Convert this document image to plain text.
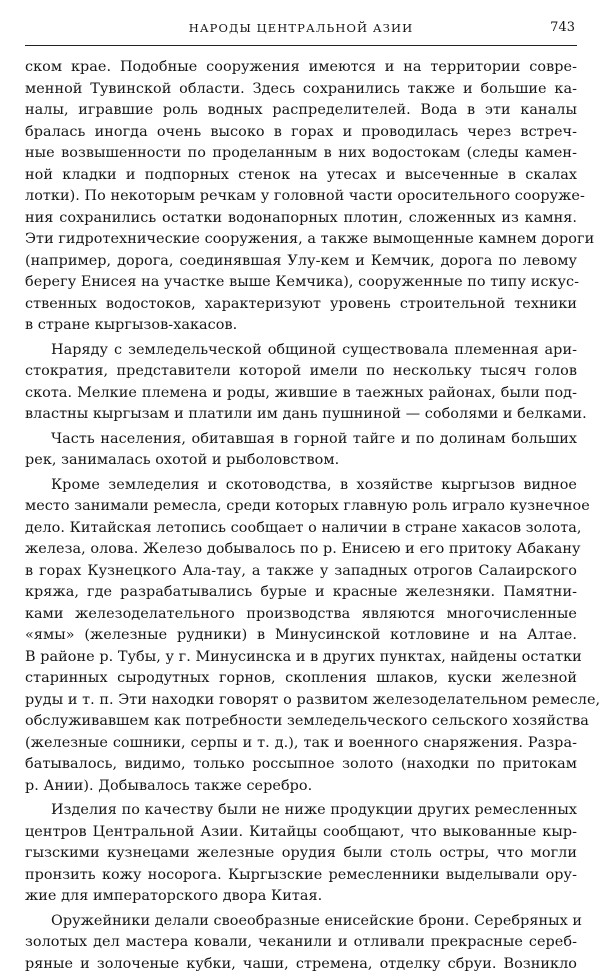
НАРОДЫ ЦЕНТРАЛЬНОЙ АЗИИ	743
ском крае. Подобные сооружения имеются и на территории совре-
менной Тувинской области. Здесь сохранились также и большие ка-
налы, игравшие роль водных распределителей. Вода в эти каналы
бралась иногда очень высоко в горах и проводилась через встреч-
ные возвышенности по проделанным в них водостокам (следы камен-
ной кладки и подпорных стенок на утесах и высеченные в скалах
лотки). По некоторым речкам у головной части оросительного сооруже-
ния сохранились остатки водонапорных плотин, сложенных из камня.
Эти гидротехнические сооружения, а также вымощенные камнем дороги
(например, дорога, соединявшая Улу-кем и Кемчик, дорога по левому
берегу Енисея на участке выше Кемчика), сооруженные по типу искус-
ственных водостоков, характеризуют уровень строительной техники
в стране кыргызов-хакасов.
Наряду с земледельческой общиной существовала племенная ари-
стократия, представители которой имели по нескольку тысяч голов
скота. Мелкие племена и роды, жившие в таежных районах, были под-
властны кыргызам и платили им дань пушниной — соболями и белками.
Часть населения, обитавшая в горной тайге и по долинам больших
рек, занималась охотой и рыболовством.
Кроме земледелия и скотоводства, в хозяйстве кыргызов видное
место занимали ремесла, среди которых главную роль играло кузнечное
дело. Китайская летопись сообщает о наличии в стране хакасов золота,
железа, олова. Железо добывалось по р. Енисею и его притоку Абакану
в горах Кузнецкого Ала-тау, а также у западных отрогов Салаирского
кряжа, где разрабатывались бурые и красные железняки. Памятни-
ками железоделательного производства являются многочисленные
«ямы» (железные рудники) в Минусинской котловине и на Алтае.
В районе р. Тубы, у г. Минусинска и в других пунктах, найдены остатки
старинных сыродутных горнов, скопления шлаков, куски железной
руды и т. п. Эти находки говорят о развитом железоделательном ремесле,
обслуживавшем как потребности земледельческого сельского хозяйства
(железные сошники, серпы и т. д.), так и военного снаряжения. Разра-
батывалось, видимо, только россыпное золото (находки по притокам
р. Ании). Добывалось также серебро.
Изделия по качеству были не ниже продукции других ремесленных
центров Центральной Азии. Китайцы сообщают, что выкованные кыр-
гызскими кузнецами железные орудия были столь остры, что могли
пронзить кожу носорога. Кыргызские ремесленники выделывали ору-
жие для императорского двора Китая.
Оружейники делали своеобразные енисейские брони. Серебряных и
золотых дел мастера ковали, чеканили и отливали прекрасные сереб-
ряные и золоченые кубки, чаши, стремена, отделку сбруи. Возникло
